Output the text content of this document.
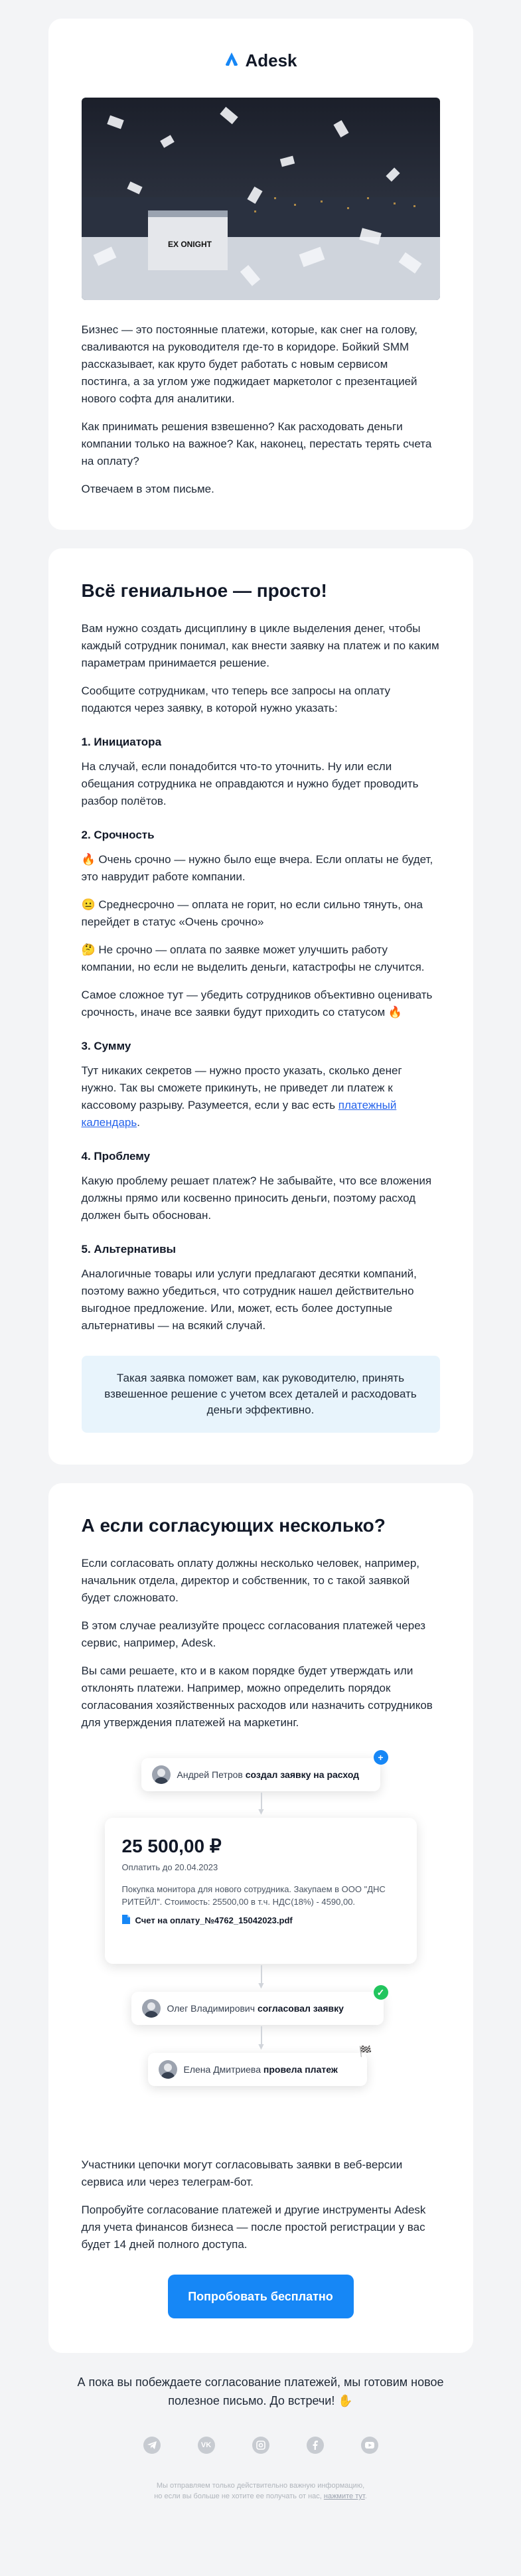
Adesk
EX ONIGHT

Бизнес — это постоянные платежи, которые, как снег на голову, сваливаются на руководителя где-то в коридоре. Бойкий SMM рассказывает, как круто будет работать с новым сервисом постинга, а за углом уже поджидает маркетолог с презентацией нового софта для аналитики.

Как принимать решения взвешенно? Как расходовать деньги компании только на важное? Как, наконец, перестать терять счета на оплату?

Отвечаем в этом письме.

Всё гениальное — просто!

Вам нужно создать дисциплину в цикле выделения денег, чтобы каждый сотрудник понимал, как внести заявку на платеж и по каким параметрам принимается решение.

Сообщите сотрудникам, что теперь все запросы на оплату подаются через заявку, в которой нужно указать:

1. Инициатора

На случай, если понадобится что-то уточнить. Ну или если обещания сотрудника не оправдаются и нужно будет проводить разбор полётов.

2. Срочность

🔥 Очень срочно — нужно было еще вчера. Если оплаты не будет, это наврудит работе компании.

😐 Среднесрочно — оплата не горит, но если сильно тянуть, она перейдет в статус «Очень срочно»

🤔 Не срочно — оплата по заявке может улучшить работу компании, но если не выделить деньги, катастрофы не случится.

Самое сложное тут — убедить сотрудников объективно оценивать срочность, иначе все заявки будут приходить со статусом 🔥

3. Сумму

Тут никаких секретов — нужно просто указать, сколько денег нужно. Так вы сможете прикинуть, не приведет ли платеж к кассовому разрыву. Разумеется, если у вас есть платежный календарь.

4. Проблему

Какую проблему решает платеж? Не забывайте, что все вложения должны прямо или косвенно приносить деньги, поэтому расход должен быть обоснован.

5. Альтернативы

Аналогичные товары или услуги предлагают десятки компаний, поэтому важно убедиться, что сотрудник нашел действительно выгодное предложение. Или, может, есть более доступные альтернативы — на всякий случай.

Такая заявка поможет вам, как руководителю, принять взвешенное решение с учетом всех деталей и расходовать деньги эффективно.
А если согласующих несколько?

Если согласовать оплату должны несколько человек, например, начальник отдела, директор и собственник, то с такой заявкой будет сложновато.

В этом случае реализуйте процесс согласования платежей через сервис, например, Adesk.

Вы сами решаете, кто и в каком порядке будет утверждать или отклонять платежи. Например, можно определить порядок согласования хозяйственных расходов или назначить сотрудников для утверждения платежей на маркетинг.

Андрей Петров создал заявку на расход
+
▼
25 500,00 ₽
Оплатить до 20.04.2023
Покупка монитора для нового сотрудника. Закупаем в ООО "ДНС РИТЕЙЛ". Стоимость: 25500,00 в т.ч. НДС(18%) - 4590,00.
Счет на оплату_№4762_15042023.pdf
▼
Олег Владимирович согласовал заявку
✓
▼
Елена Дмитриева провела платеж
🏁

Участники цепочки могут согласовывать заявки в веб-версии сервиса или через телеграм-бот.

Попробуйте согласование платежей и другие инструменты Adesk для учета финансов бизнеса — после простой регистрации у вас будет 14 дней полного доступа.

Попробовать бесплатно
А пока вы побеждаете согласование платежей, мы готовим новое полезное письмо. До встречи! ✋
VK
Мы отправляем только действительно важную информацию,
но если вы больше не хотите ее получать от нас, нажмите тут.
